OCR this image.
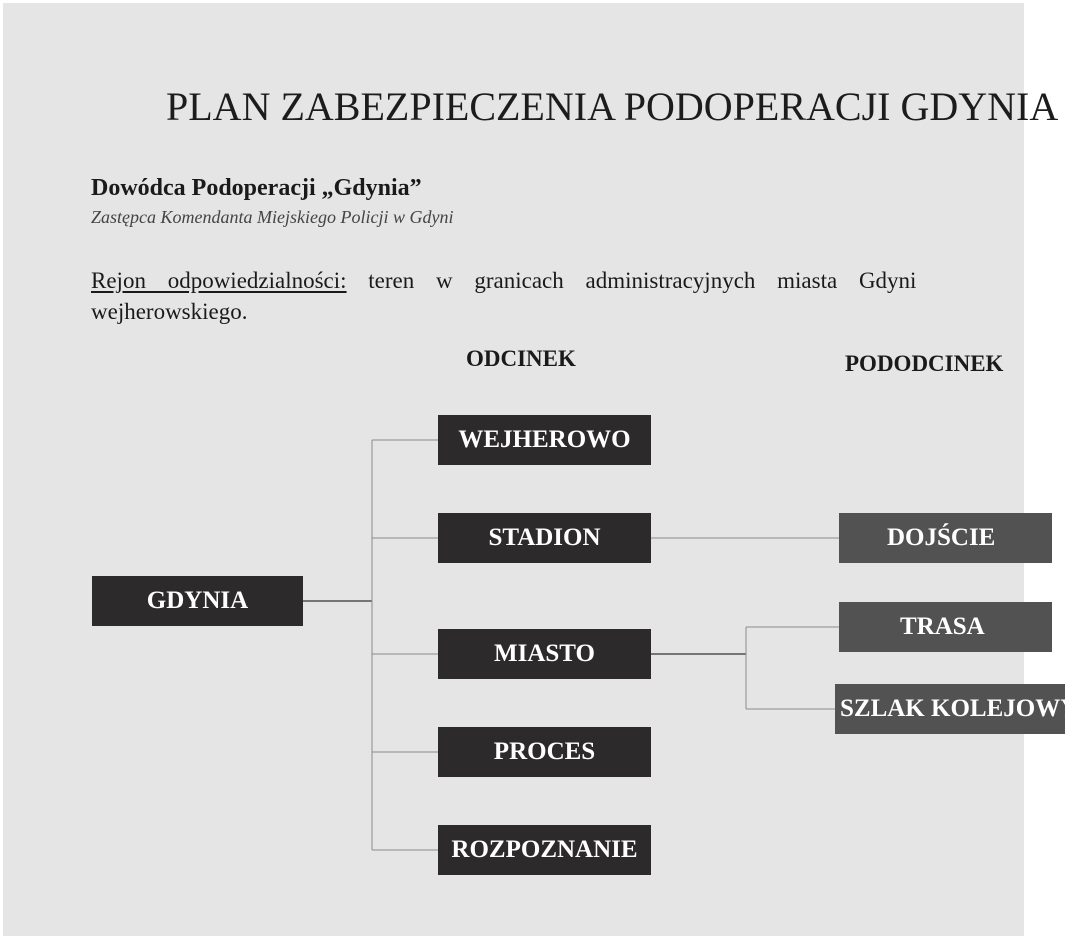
PLAN ZABEZPIECZENIA PODOPERACJI GDYNIA
Dowódca Podoperacji „Gdynia”
Zastępca Komendanta Miejskiego Policji w Gdyni
Rejon odpowiedzialności: teren w granicach administracyjnych miasta Gdyni
wejherowskiego.
ODCINEK	PODODCINEK
GDYNIA
WEJHEROWO
STADION
MIASTO
PROCES
ROZPOZNANIE
DOJŚCIE
TRASA
SZLAK KOLEJOWY
